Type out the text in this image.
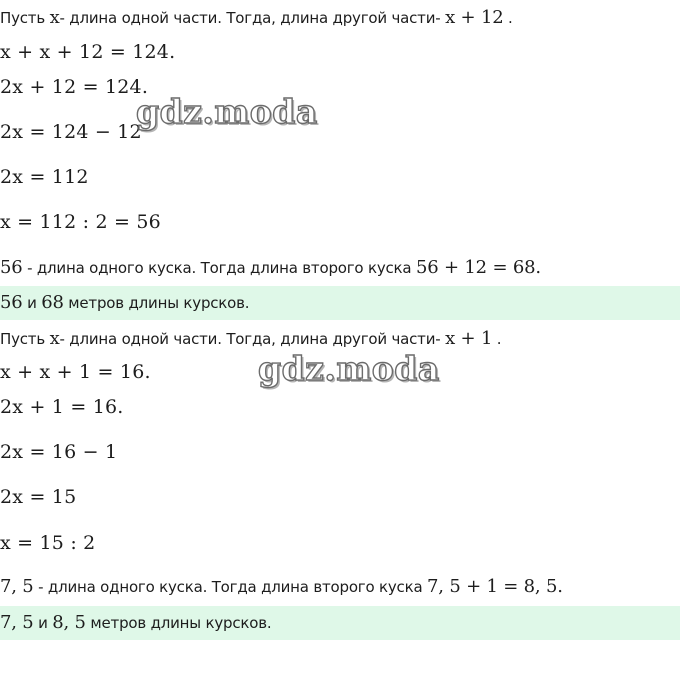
Пусть x- длина одной части. Тогда, длина другой части- x + 12 .
x + x + 12 = 124.
2x + 12 = 124.
2x = 124 − 12
2x = 112
x = 112 : 2 = 56
56 - длина одного куска. Тогда длина второго куска 56 + 12 = 68.
56 и 68 метров длины курсков.
Пусть x- длина одной части. Тогда, длина другой части- x + 1 .
x + x + 1 = 16.
2x + 1 = 16.
2x = 16 − 1
2x = 15
x = 15 : 2
7, 5 - длина одного куска. Тогда длина второго куска 7, 5 + 1 = 8, 5.
7, 5 и 8, 5 метров длины курсков.
gdz.moda
gdz.moda
